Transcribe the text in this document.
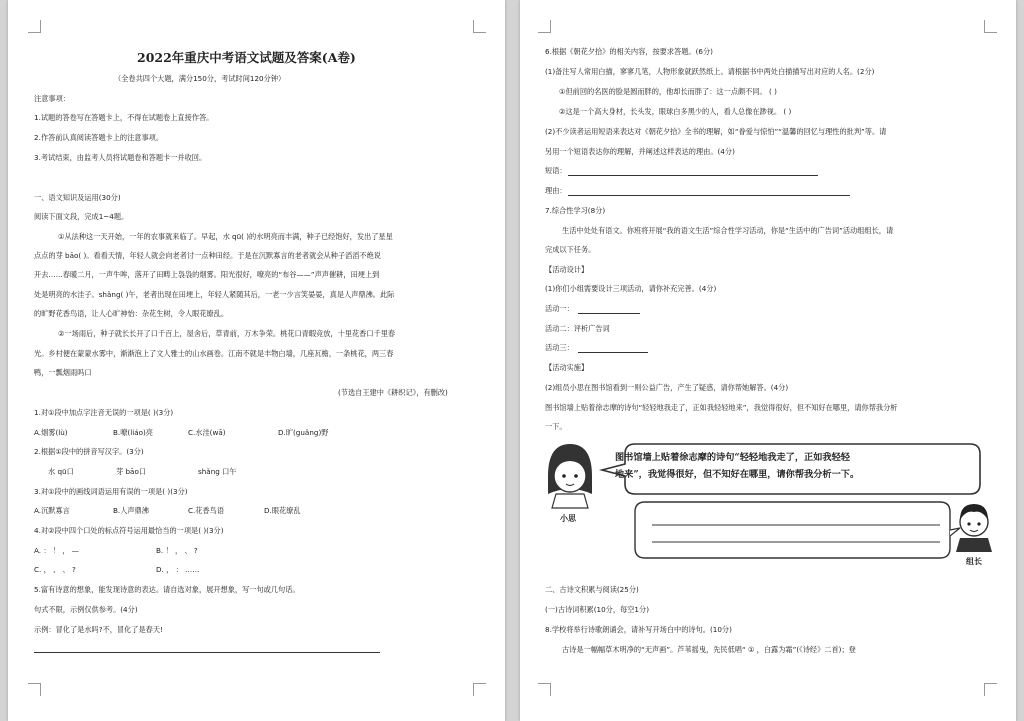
2022年重庆中考语文试题及答案(A卷)
（全卷共四个大题，满分150分，考试时间120分钟）
注意事项：
1.试题的答卷写在答题卡上，不得在试题卷上直接作答。
2.作答前认真阅读答题卡上的注意事项。
3.考试结束，由监考人员将试题卷和答题卡一并收回。
一、语文知识及运用(30分)
阅读下面文段，完成1~4题。
①从法种这一天开始，一年的农事就来临了。早起，水 qū( )的水明亮而丰满，种子已经饱好，发出了星星
点点的芽 bāo( )。看看天情，年轻人就会向老者讨一点种田经。于是在沉默寡言的老者就会从种子滔滔不绝说
开去……春暖二月，一声牛哞，落开了田畴上袅袅的烟雾。阳光很好，嘹亮的“布谷——”声声催耕，田埂上到
处是明亮的水洼子。shǎng( )午，老者出现在田埂上，年轻人紧随其后，一老一少言笑晏晏，真是人声鼎沸。此际
的旷野花香鸟语，让人心旷神怡：杂花生树，令人眼花缭乱。
②一场雨后，种子就长长开了口千百上，屋舍后，草青前，万木争荣。桃花口青暇竞放，十里花香口千里春
光。乡村便在蒙蒙水雾中，渐渐泡上了文人雅士的山水画卷。江南不就是丰物白墙，几座瓦檐，一条桃花，两三春
鸭，一瓢烟雨吗口
(节选自王建中《耕织记》，有删改)
1.对①段中加点字注音无误的一项是( )(3分)
A.烟雾(lù)	B.嘹(liáo)亮	C.水洼(wā)	D.旷(guǎng)野
2.根据①段中的拼音写汉字。(3分)
水 qū口	芽 bāo口	shǎng 口午
3.对①段中的画线词语运用有误的一项是( )(3分)
A.沉默寡言	B.人声鼎沸	C.花香鸟语	D.眼花缭乱
4.对②段中四个口处的标点符号运用最恰当的一项是( )(3分)
A. ： ！ ， —	B. ！ ， 、 ?
C. ， 、 、 ?	D. ， ： ……
5.富有诗意的想象，能发现诗意的表达。请自选对象，展开想象，写一句或几句话。
句式不限，示例仅供参考。(4分)
示例：冒化了是水吗?不，冒化了是春天!
6.根据《朝花夕拾》的相关内容，按要求答题。(6分)
(1)备注写人常用白描，寥寥几笔，人物形象就跃然纸上。请根据书中两处白描描写出对应的人名。(2分)
①但前回的名医的脸是圆而胖的，他却长而胖了：这一点颇不同。 ( )
②这是一个高大身材，长头发，眼球白多黑少的人，看人总像在渺视。 ( )
(2)不少读者运用短语来表达对《朝花夕拾》全书的理解，如“眷爱与惊怕”“温馨的回忆与理性的批判”等。请
另用一个短语表达你的理解，并阐述这样表达的理由。(4分)
短语：
理由：
7.综合性学习(8分)
生活中处处有语文。你班将开展“我的语文生活”综合性学习活动，你是“生活中的广告词”活动组组长，请
完成以下任务。
【活动设计】
(1)你们小组需要设计三项活动，请你补充完善。(4分)
活动一：
活动二：评析广告词
活动三：
【活动实施】
(2)组员小思在图书馆看到一则公益广告，产生了疑惑，请你帮她解答。(4分)
图书馆墙上贴着徐志摩的诗句“轻轻地我走了，正如我轻轻地来”，我觉得很好，但不知好在哪里，请你帮我分析
一下。
图书馆墙上贴着徐志摩的诗句“轻轻地我走了，正如我轻轻
地来”，我觉得很好，但不知好在哪里，请你帮我分析一下。
小思
组长
二、古诗文积累与阅读(25分)
(一)古诗词积累(10分，每空1分)
8.学校将举行诗歌朗诵会，请补写开场白中的诗句。(10分)
古诗是一幅幅草木明净的“无声画”。芦苇摇曳，先民低唱“ ① ，白露为霜”(《诗经》二首)；登
